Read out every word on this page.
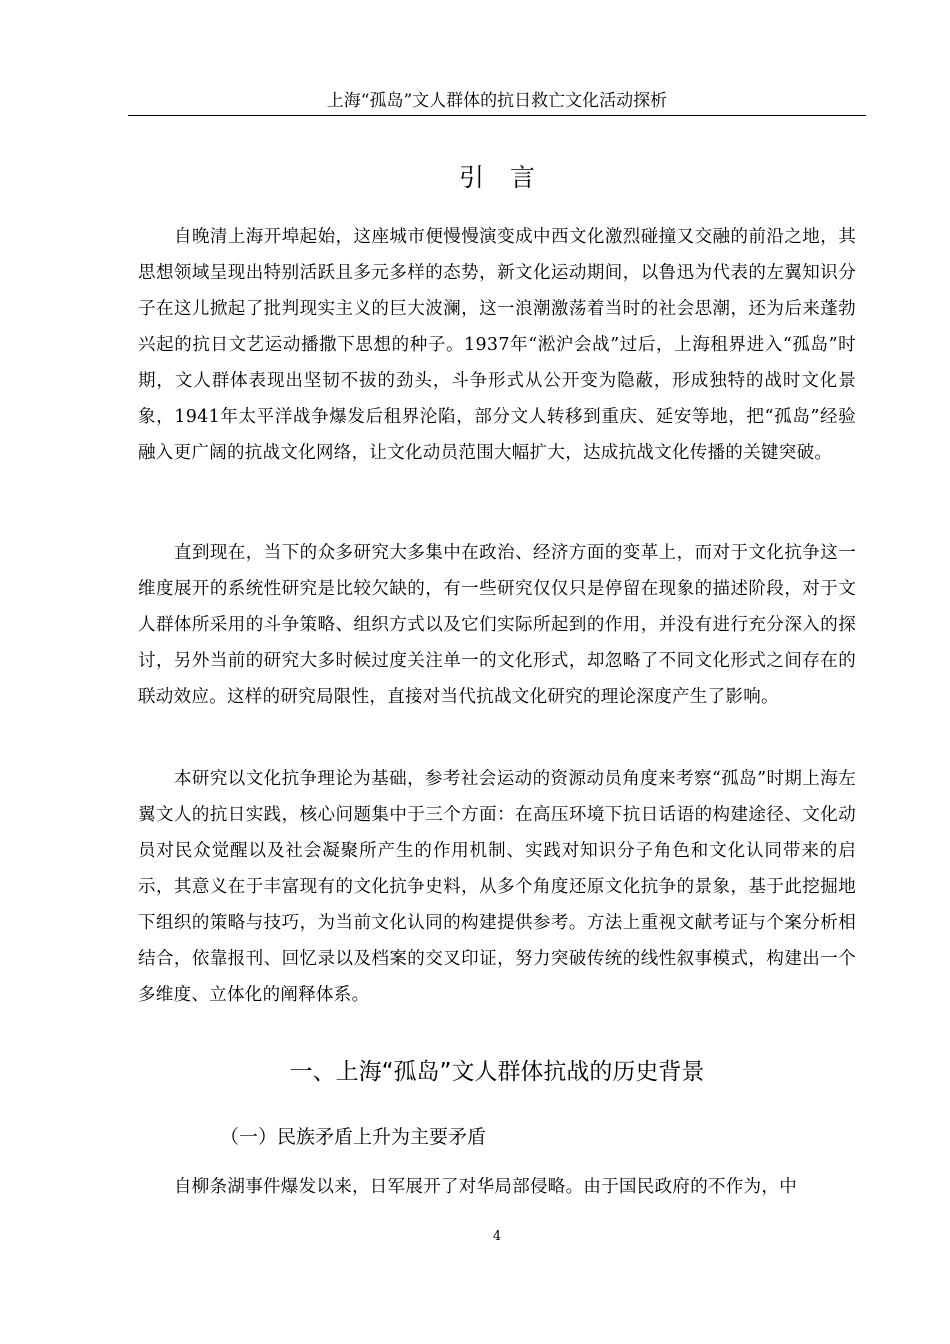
上海“孤岛”文人群体的抗日救亡文化活动探析
引言

自晚清上海开埠起始，这座城市便慢慢演变成中西文化激烈碰撞又交融的前沿之地，其思想领域呈现出特别活跃且多元多样的态势，新文化运动期间，以鲁迅为代表的左翼知识分子在这儿掀起了批判现实主义的巨大波澜，这一浪潮激荡着当时的社会思潮，还为后来蓬勃兴起的抗日文艺运动播撒下思想的种子。1937年“淞沪会战”过后，上海租界进入“孤岛”时期，文人群体表现出坚韧不拔的劲头，斗争形式从公开变为隐蔽，形成独特的战时文化景象，1941年太平洋战争爆发后租界沦陷，部分文人转移到重庆、延安等地，把“孤岛”经验融入更广阔的抗战文化网络，让文化动员范围大幅扩大，达成抗战文化传播的关键突破。

直到现在，当下的众多研究大多集中在政治、经济方面的变革上，而对于文化抗争这一维度展开的系统性研究是比较欠缺的，有一些研究仅仅只是停留在现象的描述阶段，对于文人群体所采用的斗争策略、组织方式以及它们实际所起到的作用，并没有进行充分深入的探讨，另外当前的研究大多时候过度关注单一的文化形式，却忽略了不同文化形式之间存在的联动效应。这样的研究局限性，直接对当代抗战文化研究的理论深度产生了影响。

本研究以文化抗争理论为基础，参考社会运动的资源动员角度来考察“孤岛”时期上海左翼文人的抗日实践，核心问题集中于三个方面：在高压环境下抗日话语的构建途径、文化动员对民众觉醒以及社会凝聚所产生的作用机制、实践对知识分子角色和文化认同带来的启示，其意义在于丰富现有的文化抗争史料，从多个角度还原文化抗争的景象，基于此挖掘地下组织的策略与技巧，为当前文化认同的构建提供参考。方法上重视文献考证与个案分析相结合，依靠报刊、回忆录以及档案的交叉印证，努力突破传统的线性叙事模式，构建出一个多维度、立体化的阐释体系。

一、上海“孤岛”文人群体抗战的历史背景
（一）民族矛盾上升为主要矛盾

自柳条湖事件爆发以来，日军展开了对华局部侵略。由于国民政府的不作为，中

4
